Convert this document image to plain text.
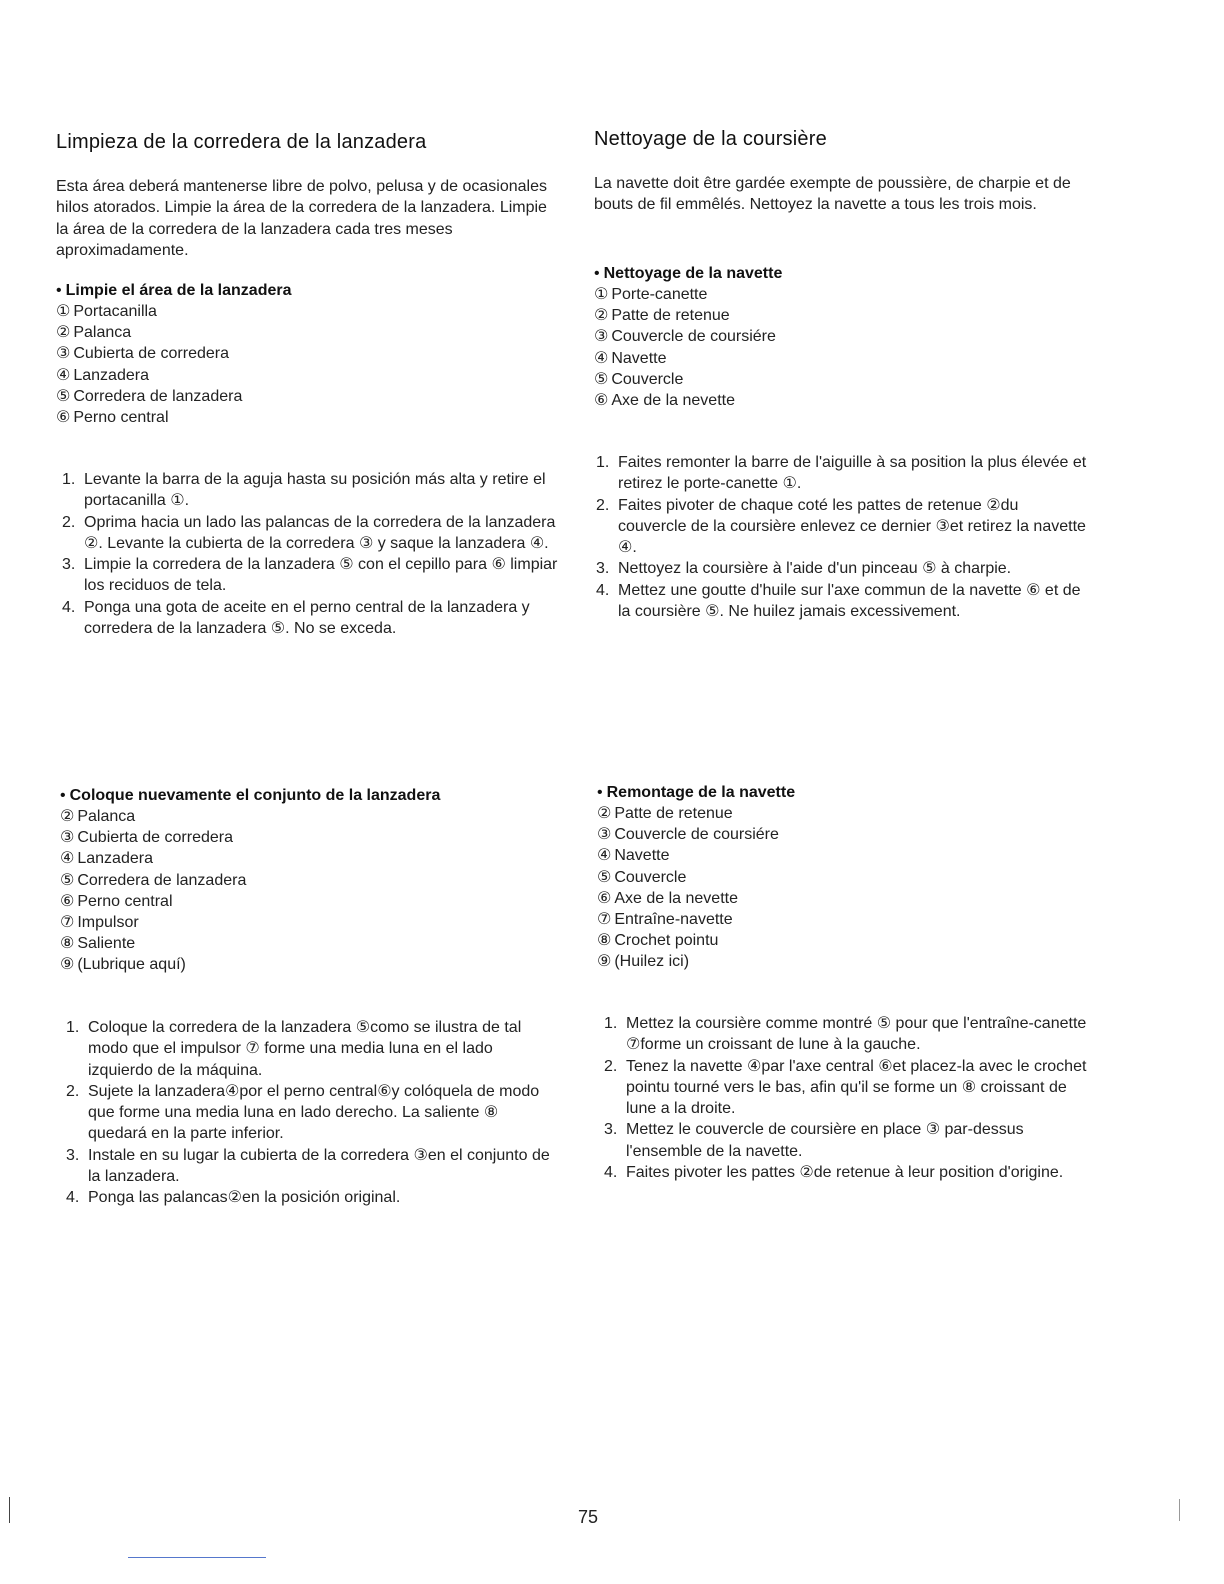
Limpieza de la corredera de la lanzadera

Esta área deberá mantenerse libre de polvo, pelusa y de ocasionales hilos atorados. Limpie la área de la corredera de la lanzadera. Limpie la área de la corredera de la lanzadera cada tres meses aproximadamente.

• Limpie el área de la lanzadera

① Portacanilla
② Palanca
③ Cubierta de corredera
④ Lanzadera
⑤ Corredera de lanzadera
⑥ Perno central
1. Levante la barra de la aguja hasta su posición más alta y retire el portacanilla ①.
2. Oprima hacia un lado las palancas de la corredera de la lanzadera ②. Levante la cubierta de la corredera ③ y saque la lanzadera ④.
3. Limpie la corredera de la lanzadera ⑤ con el cepillo para ⑥ limpiar los reciduos de tela.
4. Ponga una gota de aceite en el perno central de la lanzadera y corredera de la lanzadera ⑤. No se exceda.

• Coloque nuevamente el conjunto de la lanzadera

② Palanca
③ Cubierta de corredera
④ Lanzadera
⑤ Corredera de lanzadera
⑥ Perno central
⑦ Impulsor
⑧ Saliente
⑨ (Lubrique aquí)
1. Coloque la corredera de la lanzadera ⑤como se ilustra de tal modo que el impulsor ⑦ forme una media luna en el lado izquierdo de la máquina.
2. Sujete la lanzadera④por el perno central⑥y colóquela de modo que forme una media luna en lado derecho. La saliente ⑧ quedará en la parte inferior.
3. Instale en su lugar la cubierta de la corredera ③en el conjunto de la lanzadera.
4. Ponga las palancas②en la posición original.
Nettoyage de la coursière

La navette doit être gardée exempte de poussière, de charpie et de bouts de fil emmêlés. Nettoyez la navette a tous les trois mois.

• Nettoyage de la navette

① Porte-canette
② Patte de retenue
③ Couvercle de coursiére
④ Navette
⑤ Couvercle
⑥ Axe de la nevette
1. Faites remonter la barre de l'aiguille à sa position la plus élevée et retirez le porte-canette ①.
2. Faites pivoter de chaque coté les pattes de retenue ②du couvercle de la coursière enlevez ce dernier ③et retirez la navette ④.
3. Nettoyez la coursière à l'aide d'un pinceau ⑤ à charpie.
4. Mettez une goutte d'huile sur l'axe commun de la navette ⑥ et de la coursière ⑤. Ne huilez jamais excessivement.

• Remontage de la navette

② Patte de retenue
③ Couvercle de coursiére
④ Navette
⑤ Couvercle
⑥ Axe de la nevette
⑦ Entraîne-navette
⑧ Crochet pointu
⑨ (Huilez ici)
1. Mettez la coursière comme montré ⑤ pour que l'entraîne-canette ⑦forme un croissant de lune à la gauche.
2. Tenez la navette ④par l'axe central ⑥et placez-la avec le crochet pointu tourné vers le bas, afin qu'il se forme un ⑧ croissant de lune a la droite.
3. Mettez le couvercle de coursière en place ③ par-dessus l'ensemble de la navette.
4. Faites pivoter les pattes ②de retenue à leur position d'origine.
75
